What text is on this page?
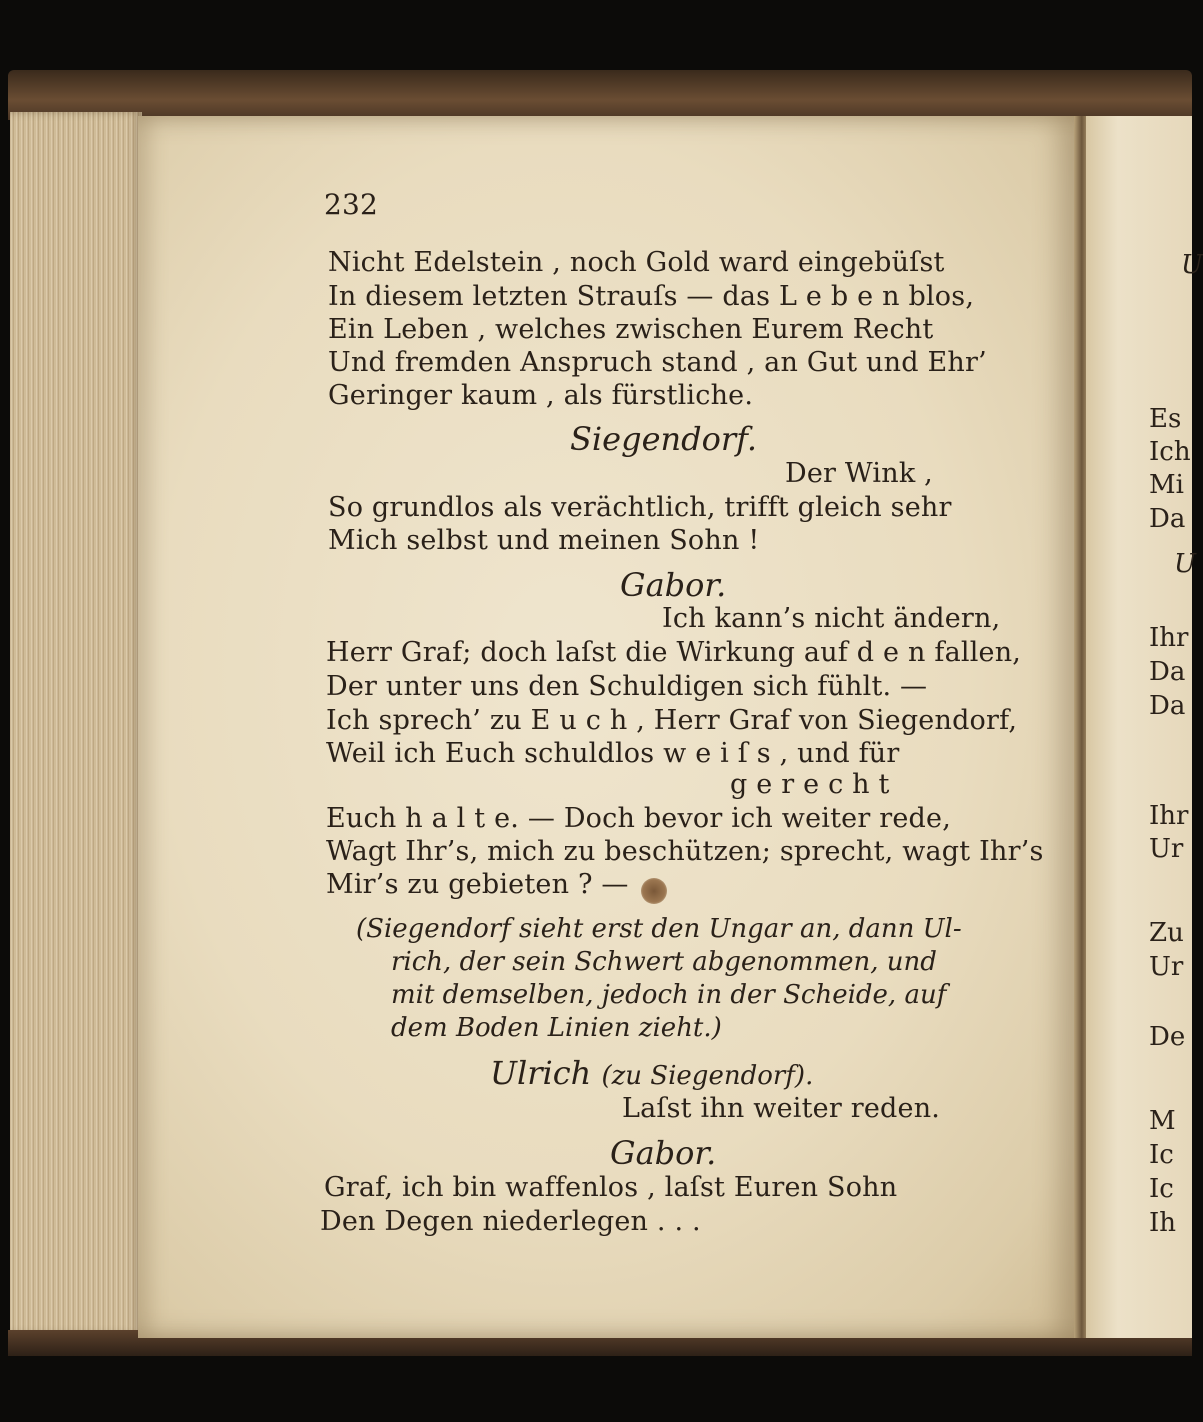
232

Nicht Edelstein , noch Gold ward eingebüſst

In diesem letzten Strauſs — das L e b e n blos,

Ein Leben , welches zwischen Eurem Recht

Und fremden Anspruch stand , an Gut und Ehr’

Geringer kaum , als fürstliche.

Siegendorf.

Der Wink ,

So grundlos als verächtlich, trifft gleich sehr

Mich selbst und meinen Sohn !

Gabor.

Ich kann’s nicht ändern,

Herr Graf; doch laſst die Wirkung auf d e n fallen,

Der unter uns den Schuldigen sich fühlt. —

Ich sprech’ zu E u c h , Herr Graf von Siegendorf,

Weil ich Euch schuldlos w e i ſ s , und für

g e r e c h t

Euch h a l t e. — Doch bevor ich weiter rede,

Wagt Ihr’s, mich zu beschützen; sprecht, wagt Ihr’s

Mir’s zu gebieten ? —

(Siegendorf sieht erst den Ungar an, dann Ul-

rich, der sein Schwert abgenommen, und

mit demselben, jedoch in der Scheide, auf

dem Boden Linien zieht.)

Ulrich (zu Siegendorf).

Laſst ihn weiter reden.

Gabor.

Graf, ich bin waffenlos , laſst Euren Sohn

Den Degen niederlegen . . .

U

Es

Ich

Mi

Da

U

Ihr

Da

Da

Ihr

Ur

Zu

Ur

De

M

Ic

Ic

Ih
